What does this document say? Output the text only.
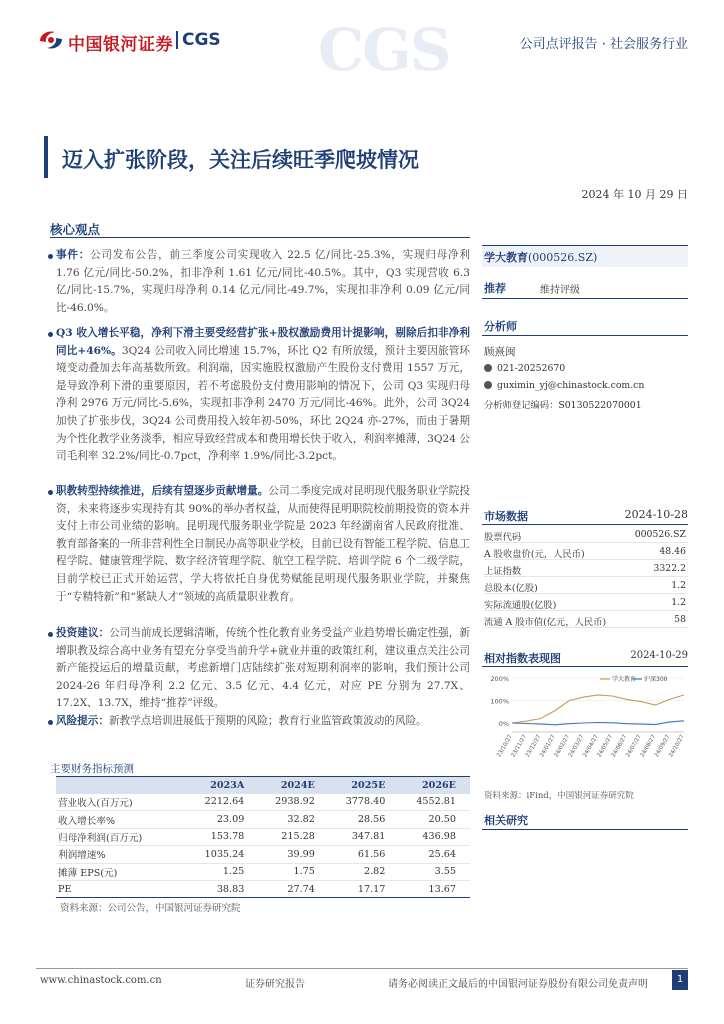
中国银河证券 CGS CGS	公司点评报告 · 社会服务行业
迈入扩张阶段，关注后续旺季爬坡情况
2024 年 10 月 29 日
核心观点
事件：公司发布公告，前三季度公司实现收入 22.5 亿/同比-25.3%，实现归母净利 1.76 亿元/同比-50.2%，扣非净利 1.61 亿元/同比-40.5%。其中，Q3 实现营收 6.3 亿/同比-15.7%，实现归母净利 0.14 亿元/同比-49.7%，实现扣非净利 0.09 亿元/同比-46.0%。
Q3 收入增长平稳，净利下滑主要受经营扩张+股权激励费用计提影响，剔除后扣非净利同比+46%。3Q24 公司收入同比增速 15.7%，环比 Q2 有所放缓，预计主要因旅管环境变动叠加去年高基数所致。利润端，因实施股权激励产生股份支付费用 1557 万元，是导致净利下滑的重要原因，若不考虑股份支付费用影响的情况下，公司 Q3 实现归母净利 2976 万元/同比-5.6%，实现扣非净利 2470 万元/同比-46%。此外，公司 3Q24 加快了扩张步伐，3Q24 公司费用投入较年初-50%，环比 2Q24 亦-27%，而由于暑期为个性化教学业务淡季，相应导致经营成本和费用增长快于收入，利润率摊薄，3Q24 公司毛利率 32.2%/同比-0.7pct，净利率 1.9%/同比-3.2pct。
职教转型持续推进，后续有望逐步贡献增量。公司二季度完成对昆明现代服务职业学院投资，未来将逐步实现持有其 90%的举办者权益，从而使得昆明职院校前期投资的资本并支付上市公司业绩的影响。昆明现代服务职业学院是 2023 年经湖南省人民政府批准、教育部备案的一所非营利性全日制民办高等职业学校，目前已设有智能工程学院、信息工程学院、健康管理学院、数字经济管理学院、航空工程学院、培训学院 6 个二级学院，目前学校已正式开始运营，学大将依托自身优势赋能昆明现代服务职业学院，并聚焦于“专精特新”和“紧缺人才”领域的高质量职业教育。
投资建议：公司当前成长逻辑清晰，传统个性化教育业务受益产业趋势增长确定性强，新增职教及综合高中业务有望充分享受当前升学+就业并重的政策红利，建议重点关注公司新产能投运后的增量贡献，考虑新增门店陆续扩张对短期利润率的影响，我们预计公司 2024-26 年归母净利 2.2 亿元、3.5 亿元、4.4 亿元，对应 PE 分别为 27.7X、17.2X、13.7X，维持“推荐”评级。
风险提示：新教学点培训进展低于预期的风险；教育行业监管政策波动的风险。
主要财务指标预测
	2023A	2024E	2025E	2026E
营业收入(百万元)	2212.64	2938.92	3778.40	4552.81
收入增长率%	23.09	32.82	28.56	20.50
归母净利润(百万元)	153.78	215.28	347.81	436.98
利润增速%	1035.24	39.99	61.56	25.64
摊薄 EPS(元)	1.25	1.75	2.82	3.55
PE	38.83	27.74	17.17	13.67
资料来源：公司公告，中国银河证券研究院
学大教育(000526.SZ)
推荐	维持评级
分析师
顾熹闽
021-20252670
guximin_yj@chinastock.com.cn
分析师登记编码：S0130522070001
市场数据	2024-10-28
股票代码	000526.SZ
A 股收盘价(元，人民币)	48.46
上证指数	3322.2
总股本(亿股)	1.2
实际流通股(亿股)	1.2
流通 A 股市值(亿元，人民币)	58
相对指数表现图	2024-10-29
200%
100%
0%
学大教育 沪深300
23/10/27
23/11/27
23/12/27
24/01/27
24/02/27
24/03/27
24/04/27
24/05/27
24/06/27
24/07/27
24/08/27
24/09/27
24/10/27
资料来源：iFind，中国银河证券研究院
相关研究
www.chinastock.com.cn	证券研究报告	请务必阅读正文最后的中国银河证券股份有限公司免责声明	1
